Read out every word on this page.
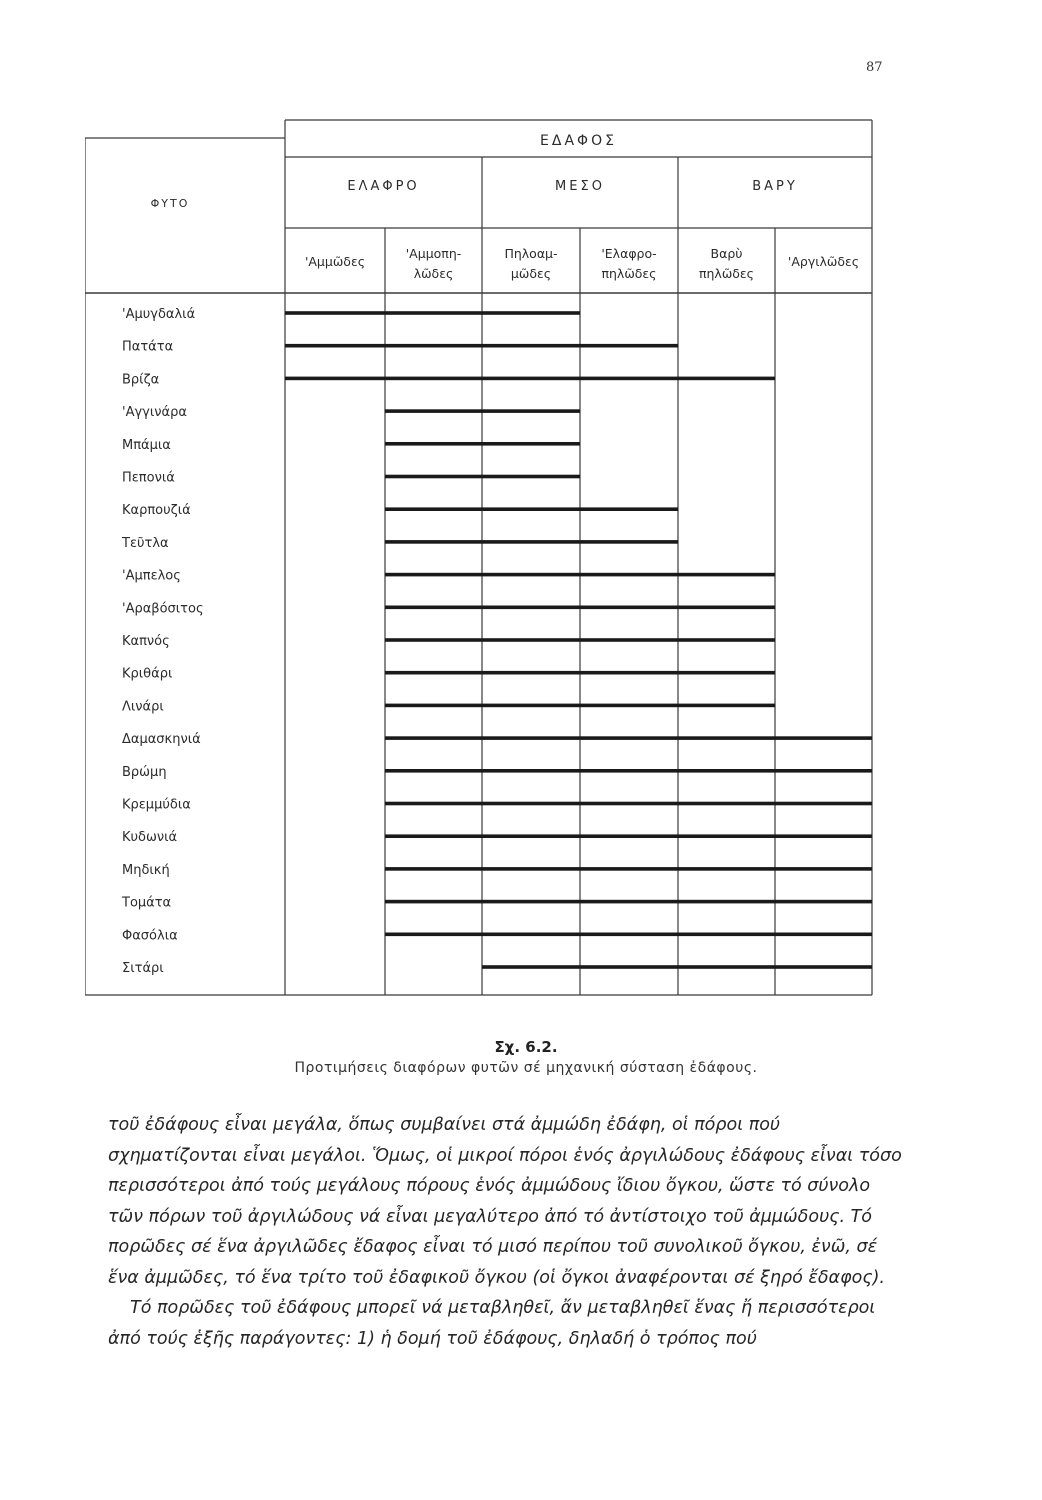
87
ΕΔΑΦΟΣ
ΦΥΤΟ
ΕΛΑΦΡΟ	ΜΕΣΟ	ΒΑΡΥ
'Αμμῶδες
'Αμμοπη-
λῶδες
Πηλοαμ-
μῶδες
'Ελαφρο-
πηλῶδες
Βαρὺ
πηλῶδες
'Αργιλῶδες
'Αμυγδαλιά
Πατάτα
Βρίζα
'Αγγινάρα
Μπάμια
Πεπονιά
Καρπουζιά
Τεῦτλα
'Αμπελος
'Αραβόσιτος
Καπνός
Κριθάρι
Λινάρι
Δαμασκηνιά
Βρώμη
Κρεμμύδια
Κυδωνιά
Μηδική
Τομάτα
Φασόλια
Σιτάρι
Σχ. 6.2.
Προτιμήσεις διαφόρων φυτῶν σέ μηχανική σύσταση ἐδάφους.

τοῦ ἐδάφους εἶναι μεγάλα, ὅπως συμβαίνει στά ἀμμώδη ἐδάφη, οἱ πόροι πού σχηματίζονται εἶναι μεγάλοι. Ὅμως, οἱ μικροί πόροι ἑνός ἀργιλώδους ἐδάφους εἶναι τόσο περισσότεροι ἀπό τούς μεγάλους πόρους ἑνός ἀμμώδους ἴδιου ὄγκου, ὥστε τό σύνολο τῶν πόρων τοῦ ἀργιλώδους νά εἶναι μεγαλύτερο ἀπό τό ἀντίστοιχο τοῦ ἀμμώδους. Τό πορῶδες σέ ἕνα ἀργιλῶδες ἔδαφος εἶναι τό μισό περίπου τοῦ συνολικοῦ ὄγκου, ἐνῶ, σέ ἕνα ἀμμῶδες, τό ἕνα τρίτο τοῦ ἐδαφικοῦ ὄγκου (οἱ ὄγκοι ἀναφέρονται σέ ξηρό ἔδαφος).

Τό πορῶδες τοῦ ἐδάφους μπορεῖ νά μεταβληθεῖ, ἄν μεταβληθεῖ ἕνας ἤ περισσότεροι ἀπό τούς ἑξῆς παράγοντες: 1) ἡ δομή τοῦ ἐδάφους, δηλαδή ὁ τρόπος πού
